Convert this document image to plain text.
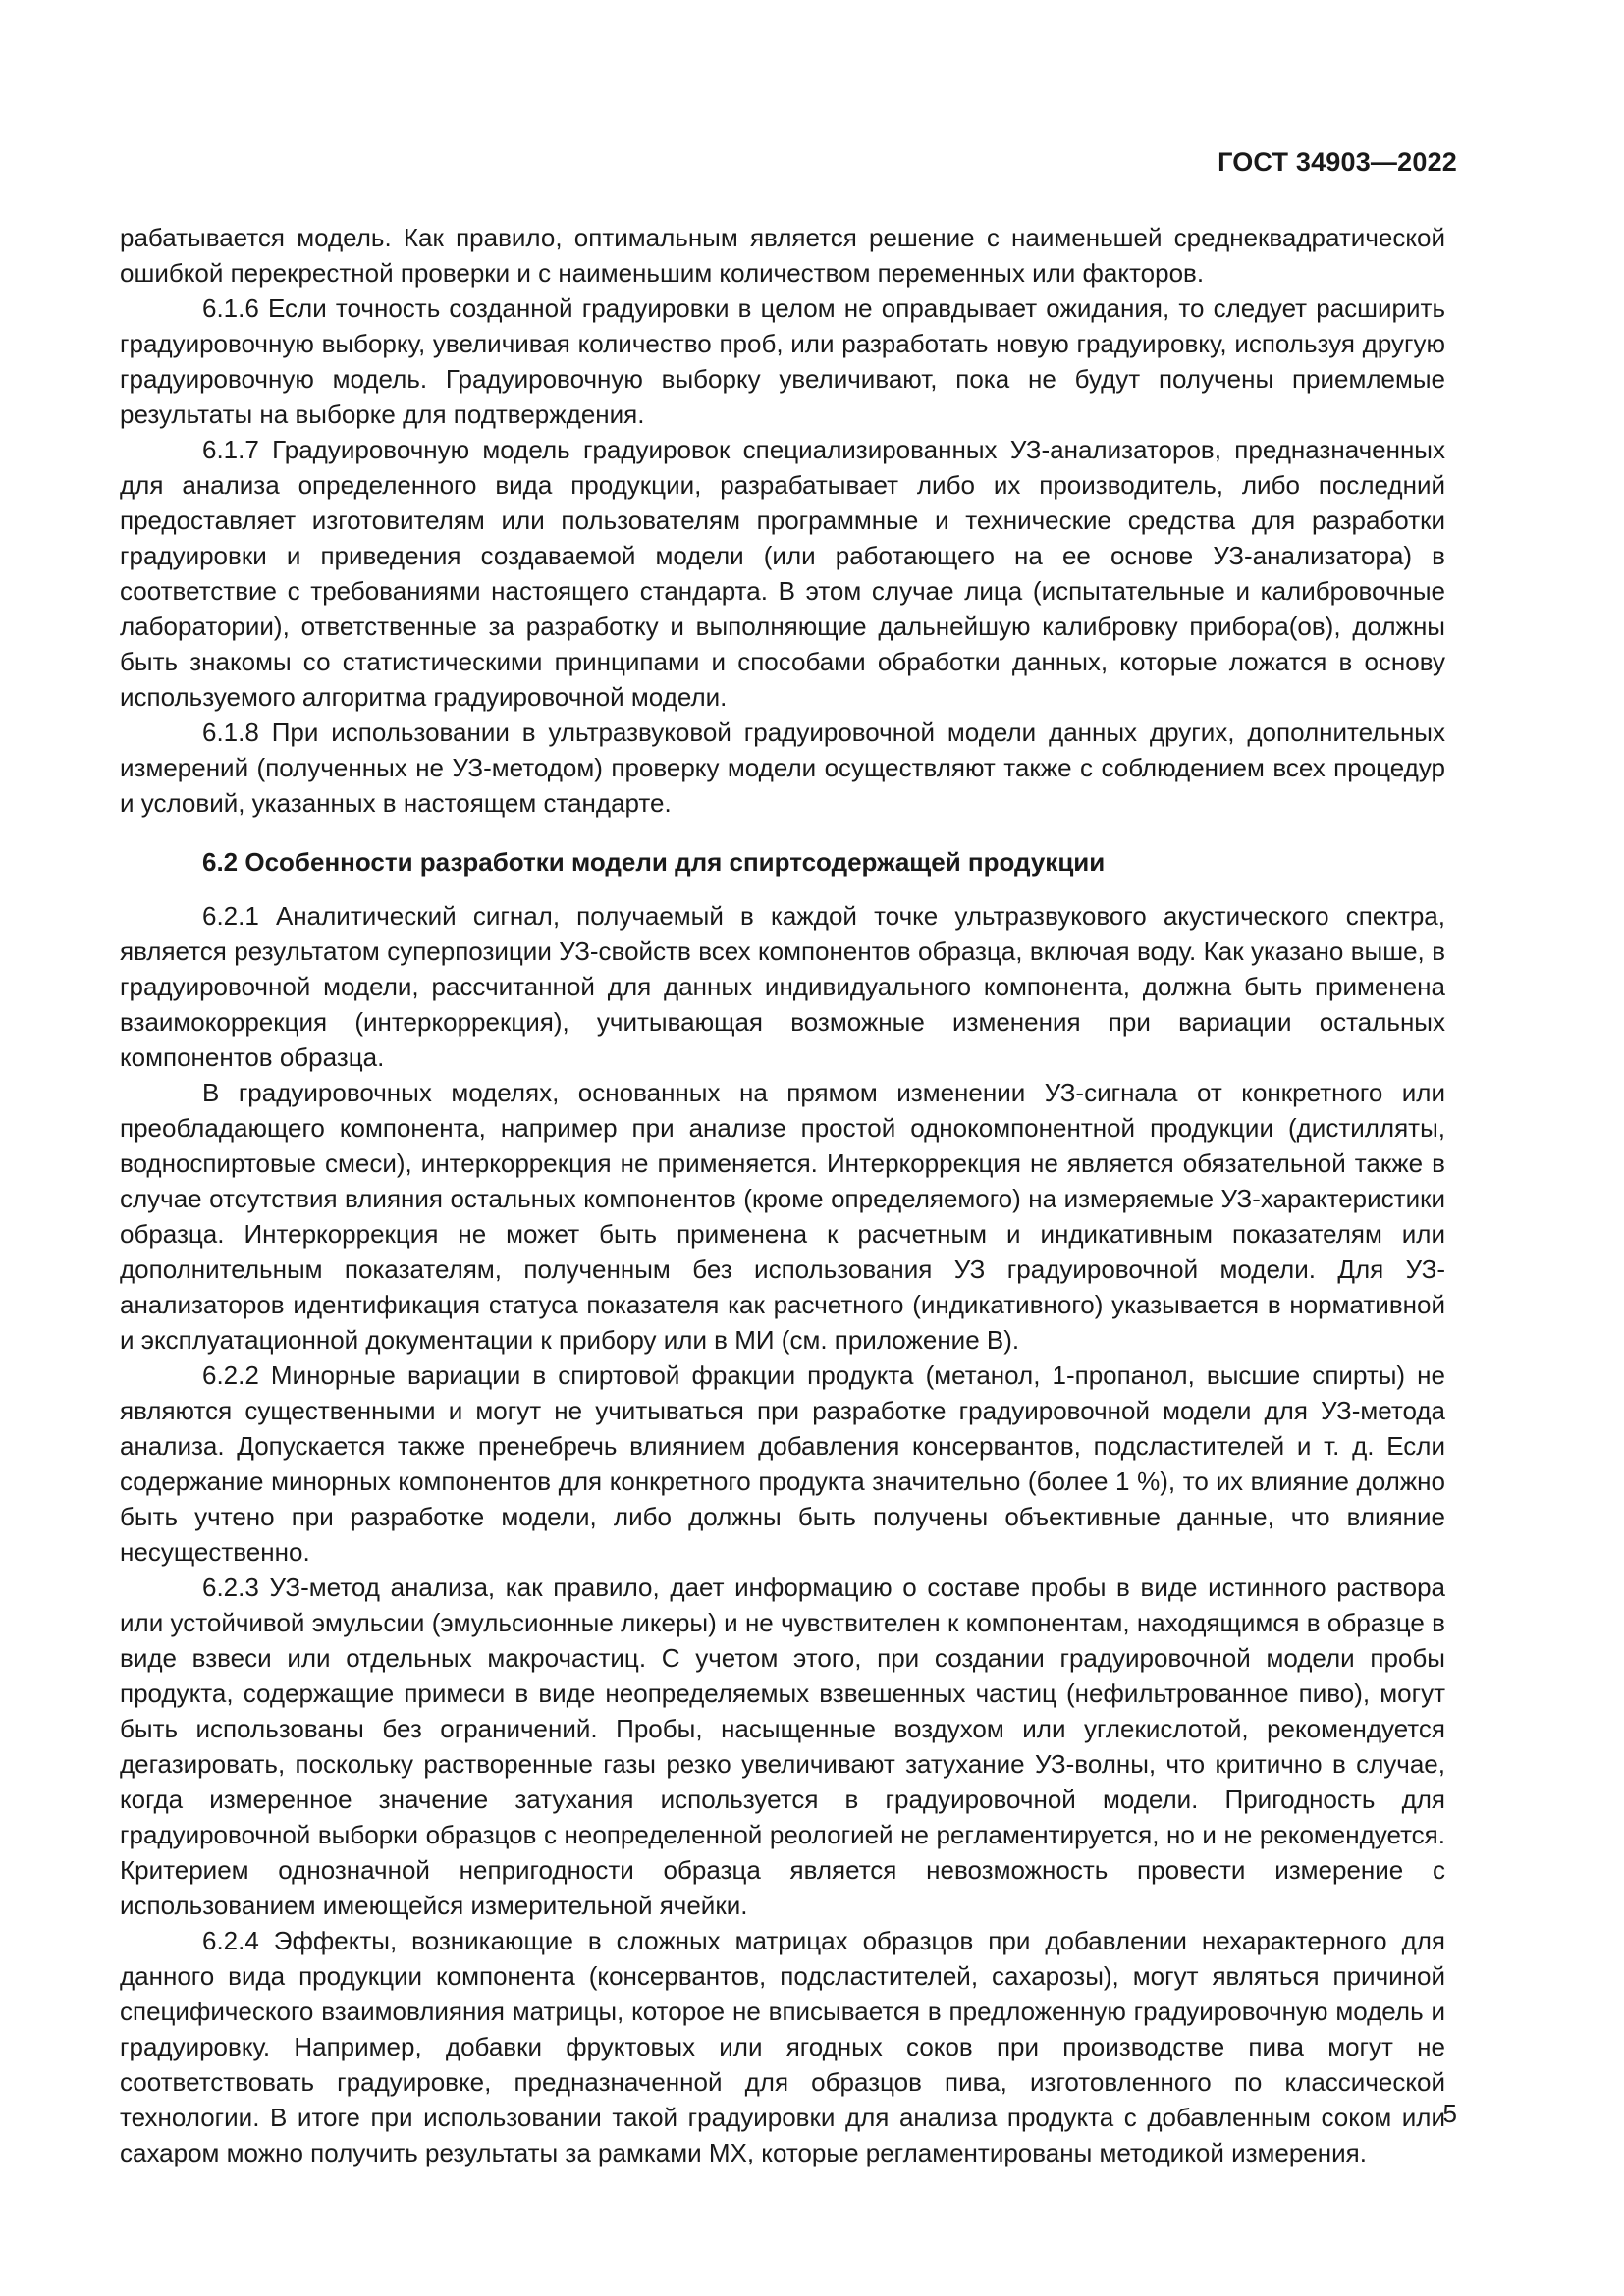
ГОСТ 34903—2022

рабатывается модель. Как правило, оптимальным является решение с наименьшей среднеквадратической ошибкой перекрестной проверки и с наименьшим количеством переменных или факторов.

6.1.6 Если точность созданной градуировки в целом не оправдывает ожидания, то следует расширить градуировочную выборку, увеличивая количество проб, или разработать новую градуировку, используя другую градуировочную модель. Градуировочную выборку увеличивают, пока не будут получены приемлемые результаты на выборке для подтверждения.

6.1.7 Градуировочную модель градуировок специализированных УЗ-анализаторов, предназначенных для анализа определенного вида продукции, разрабатывает либо их производитель, либо последний предоставляет изготовителям или пользователям программные и технические средства для разработки градуировки и приведения создаваемой модели (или работающего на ее основе УЗ-анализатора) в соответствие с требованиями настоящего стандарта. В этом случае лица (испытательные и калибровочные лаборатории), ответственные за разработку и выполняющие дальнейшую калибровку прибора(ов), должны быть знакомы со статистическими принципами и способами обработки данных, которые ложатся в основу используемого алгоритма градуировочной модели.

6.1.8 При использовании в ультразвуковой градуировочной модели данных других, дополнительных измерений (полученных не УЗ-методом) проверку модели осуществляют также с соблюдением всех процедур и условий, указанных в настоящем стандарте.

6.2 Особенности разработки модели для спиртсодержащей продукции

6.2.1 Аналитический сигнал, получаемый в каждой точке ультразвукового акустического спектра, является результатом суперпозиции УЗ-свойств всех компонентов образца, включая воду. Как указано выше, в градуировочной модели, рассчитанной для данных индивидуального компонента, должна быть применена взаимокоррекция (интеркоррекция), учитывающая возможные изменения при вариации остальных компонентов образца.

В градуировочных моделях, основанных на прямом изменении УЗ-сигнала от конкретного или преобладающего компонента, например при анализе простой однокомпонентной продукции (дистилляты, водноспиртовые смеси), интеркоррекция не применяется. Интеркоррекция не является обязательной также в случае отсутствия влияния остальных компонентов (кроме определяемого) на измеряемые УЗ-характеристики образца. Интеркоррекция не может быть применена к расчетным и индикативным показателям или дополнительным показателям, полученным без использования УЗ градуировочной модели. Для УЗ-анализаторов идентификация статуса показателя как расчетного (индикативного) указывается в нормативной и эксплуатационной документации к прибору или в МИ (см. приложение В).

6.2.2 Минорные вариации в спиртовой фракции продукта (метанол, 1-пропанол, высшие спирты) не являются существенными и могут не учитываться при разработке градуировочной модели для УЗ-метода анализа. Допускается также пренебречь влиянием добавления консервантов, подсластителей и т. д. Если содержание минорных компонентов для конкретного продукта значительно (более 1 %), то их влияние должно быть учтено при разработке модели, либо должны быть получены объективные данные, что влияние несущественно.

6.2.3 УЗ-метод анализа, как правило, дает информацию о составе пробы в виде истинного раствора или устойчивой эмульсии (эмульсионные ликеры) и не чувствителен к компонентам, находящимся в образце в виде взвеси или отдельных макрочастиц. С учетом этого, при создании градуировочной модели пробы продукта, содержащие примеси в виде неопределяемых взвешенных частиц (нефильтрованное пиво), могут быть использованы без ограничений. Пробы, насыщенные воздухом или углекислотой, рекомендуется дегазировать, поскольку растворенные газы резко увеличивают затухание УЗ-волны, что критично в случае, когда измеренное значение затухания используется в градуировочной модели. Пригодность для градуировочной выборки образцов с неопределенной реологией не регламентируется, но и не рекомендуется. Критерием однозначной непригодности образца является невозможность провести измерение с использованием имеющейся измерительной ячейки.

6.2.4 Эффекты, возникающие в сложных матрицах образцов при добавлении нехарактерного для данного вида продукции компонента (консервантов, подсластителей, сахарозы), могут являться причиной специфического взаимовлияния матрицы, которое не вписывается в предложенную градуировочную модель и градуировку. Например, добавки фруктовых или ягодных соков при производстве пива могут не соответствовать градуировке, предназначенной для образцов пива, изготовленного по классической технологии. В итоге при использовании такой градуировки для анализа продукта с добавленным соком или сахаром можно получить результаты за рамками МХ, которые регламентированы методикой измерения.

5
